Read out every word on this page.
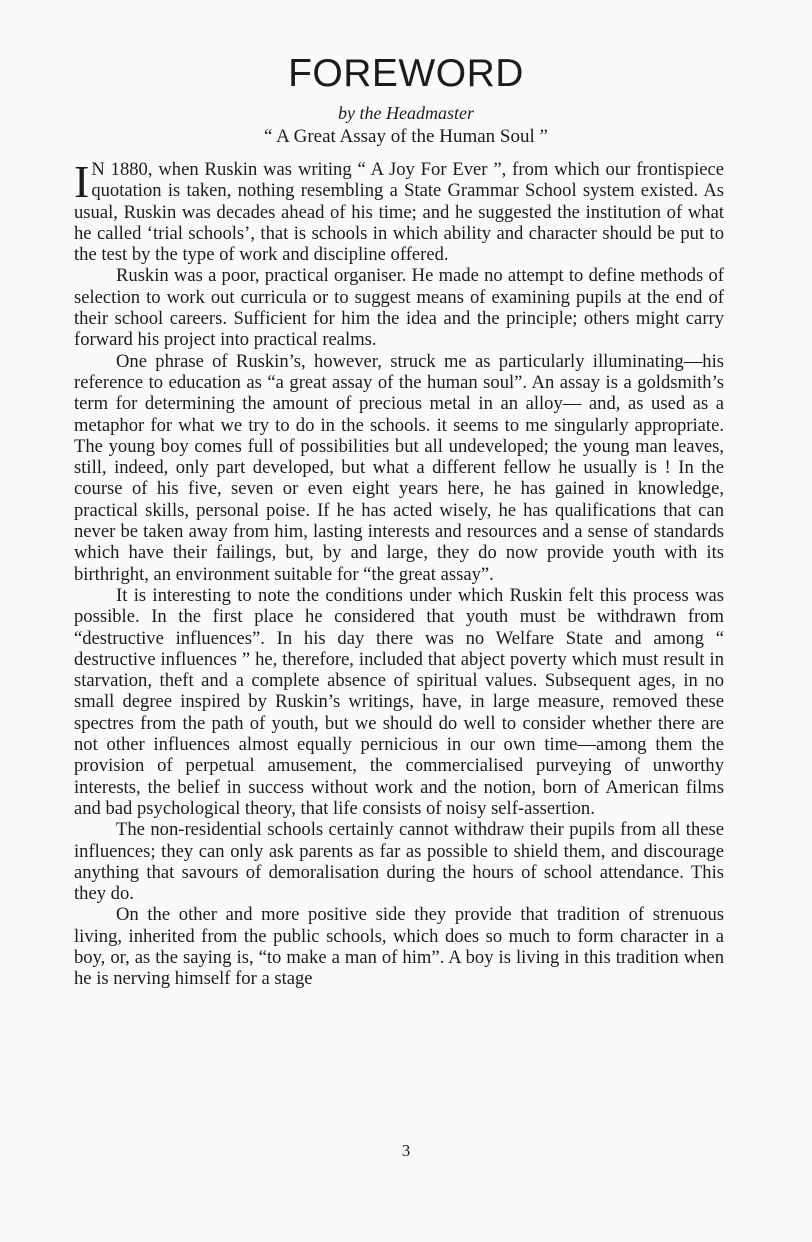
FOREWORD
by the Headmaster
“ A Great Assay of the Human Soul ”

I N 1880, when Ruskin was writing “ A Joy For Ever ”, from which our frontispiece quotation is taken, nothing resembling a State Grammar School system existed. As usual, Ruskin was decades ahead of his time; and he suggested the institution of what he called ‘trial schools’, that is schools in which ability and character should be put to the test by the type of work and discipline offered.

Ruskin was a poor, practical organiser. He made no attempt to define methods of selection to work out curricula or to suggest means of examining pupils at the end of their school careers. Sufficient for him the idea and the principle; others might carry forward his project into practical realms.

One phrase of Ruskin’s, however, struck me as particularly illuminating—his reference to education as “a great assay of the human soul”. An assay is a goldsmith’s term for determining the amount of precious metal in an alloy— and, as used as a metaphor for what we try to do in the schools. it seems to me singularly appropriate. The young boy comes full of possibilities but all undeveloped; the young man leaves, still, indeed, only part developed, but what a different fellow he usually is ! In the course of his five, seven or even eight years here, he has gained in knowledge, practical skills, personal poise. If he has acted wisely, he has qualifications that can never be taken away from him, lasting interests and resources and a sense of standards which have their failings, but, by and large, they do now provide youth with its birthright, an environment suitable for “the great assay”.

It is interesting to note the conditions under which Ruskin felt this process was possible. In the first place he considered that youth must be withdrawn from “destructive influences”. In his day there was no Welfare State and among “ destructive influences ” he, therefore, included that abject poverty which must result in starvation, theft and a complete absence of spiritual values. Subsequent ages, in no small degree inspired by Ruskin’s writings, have, in large measure, removed these spectres from the path of youth, but we should do well to consider whether there are not other influences almost equally pernicious in our own time—among them the provision of perpetual amusement, the commercialised purveying of unworthy interests, the belief in success without work and the notion, born of American films and bad psychological theory, that life consists of noisy self-assertion.

The non-residential schools certainly cannot withdraw their pupils from all these influences; they can only ask parents as far as possible to shield them, and discourage anything that savours of demoralisation during the hours of school attendance. This they do.

On the other and more positive side they provide that tradition of strenuous living, inherited from the public schools, which does so much to form character in a boy, or, as the saying is, “to make a man of him”. A boy is living in this tradition when he is nerving himself for a stage

3
